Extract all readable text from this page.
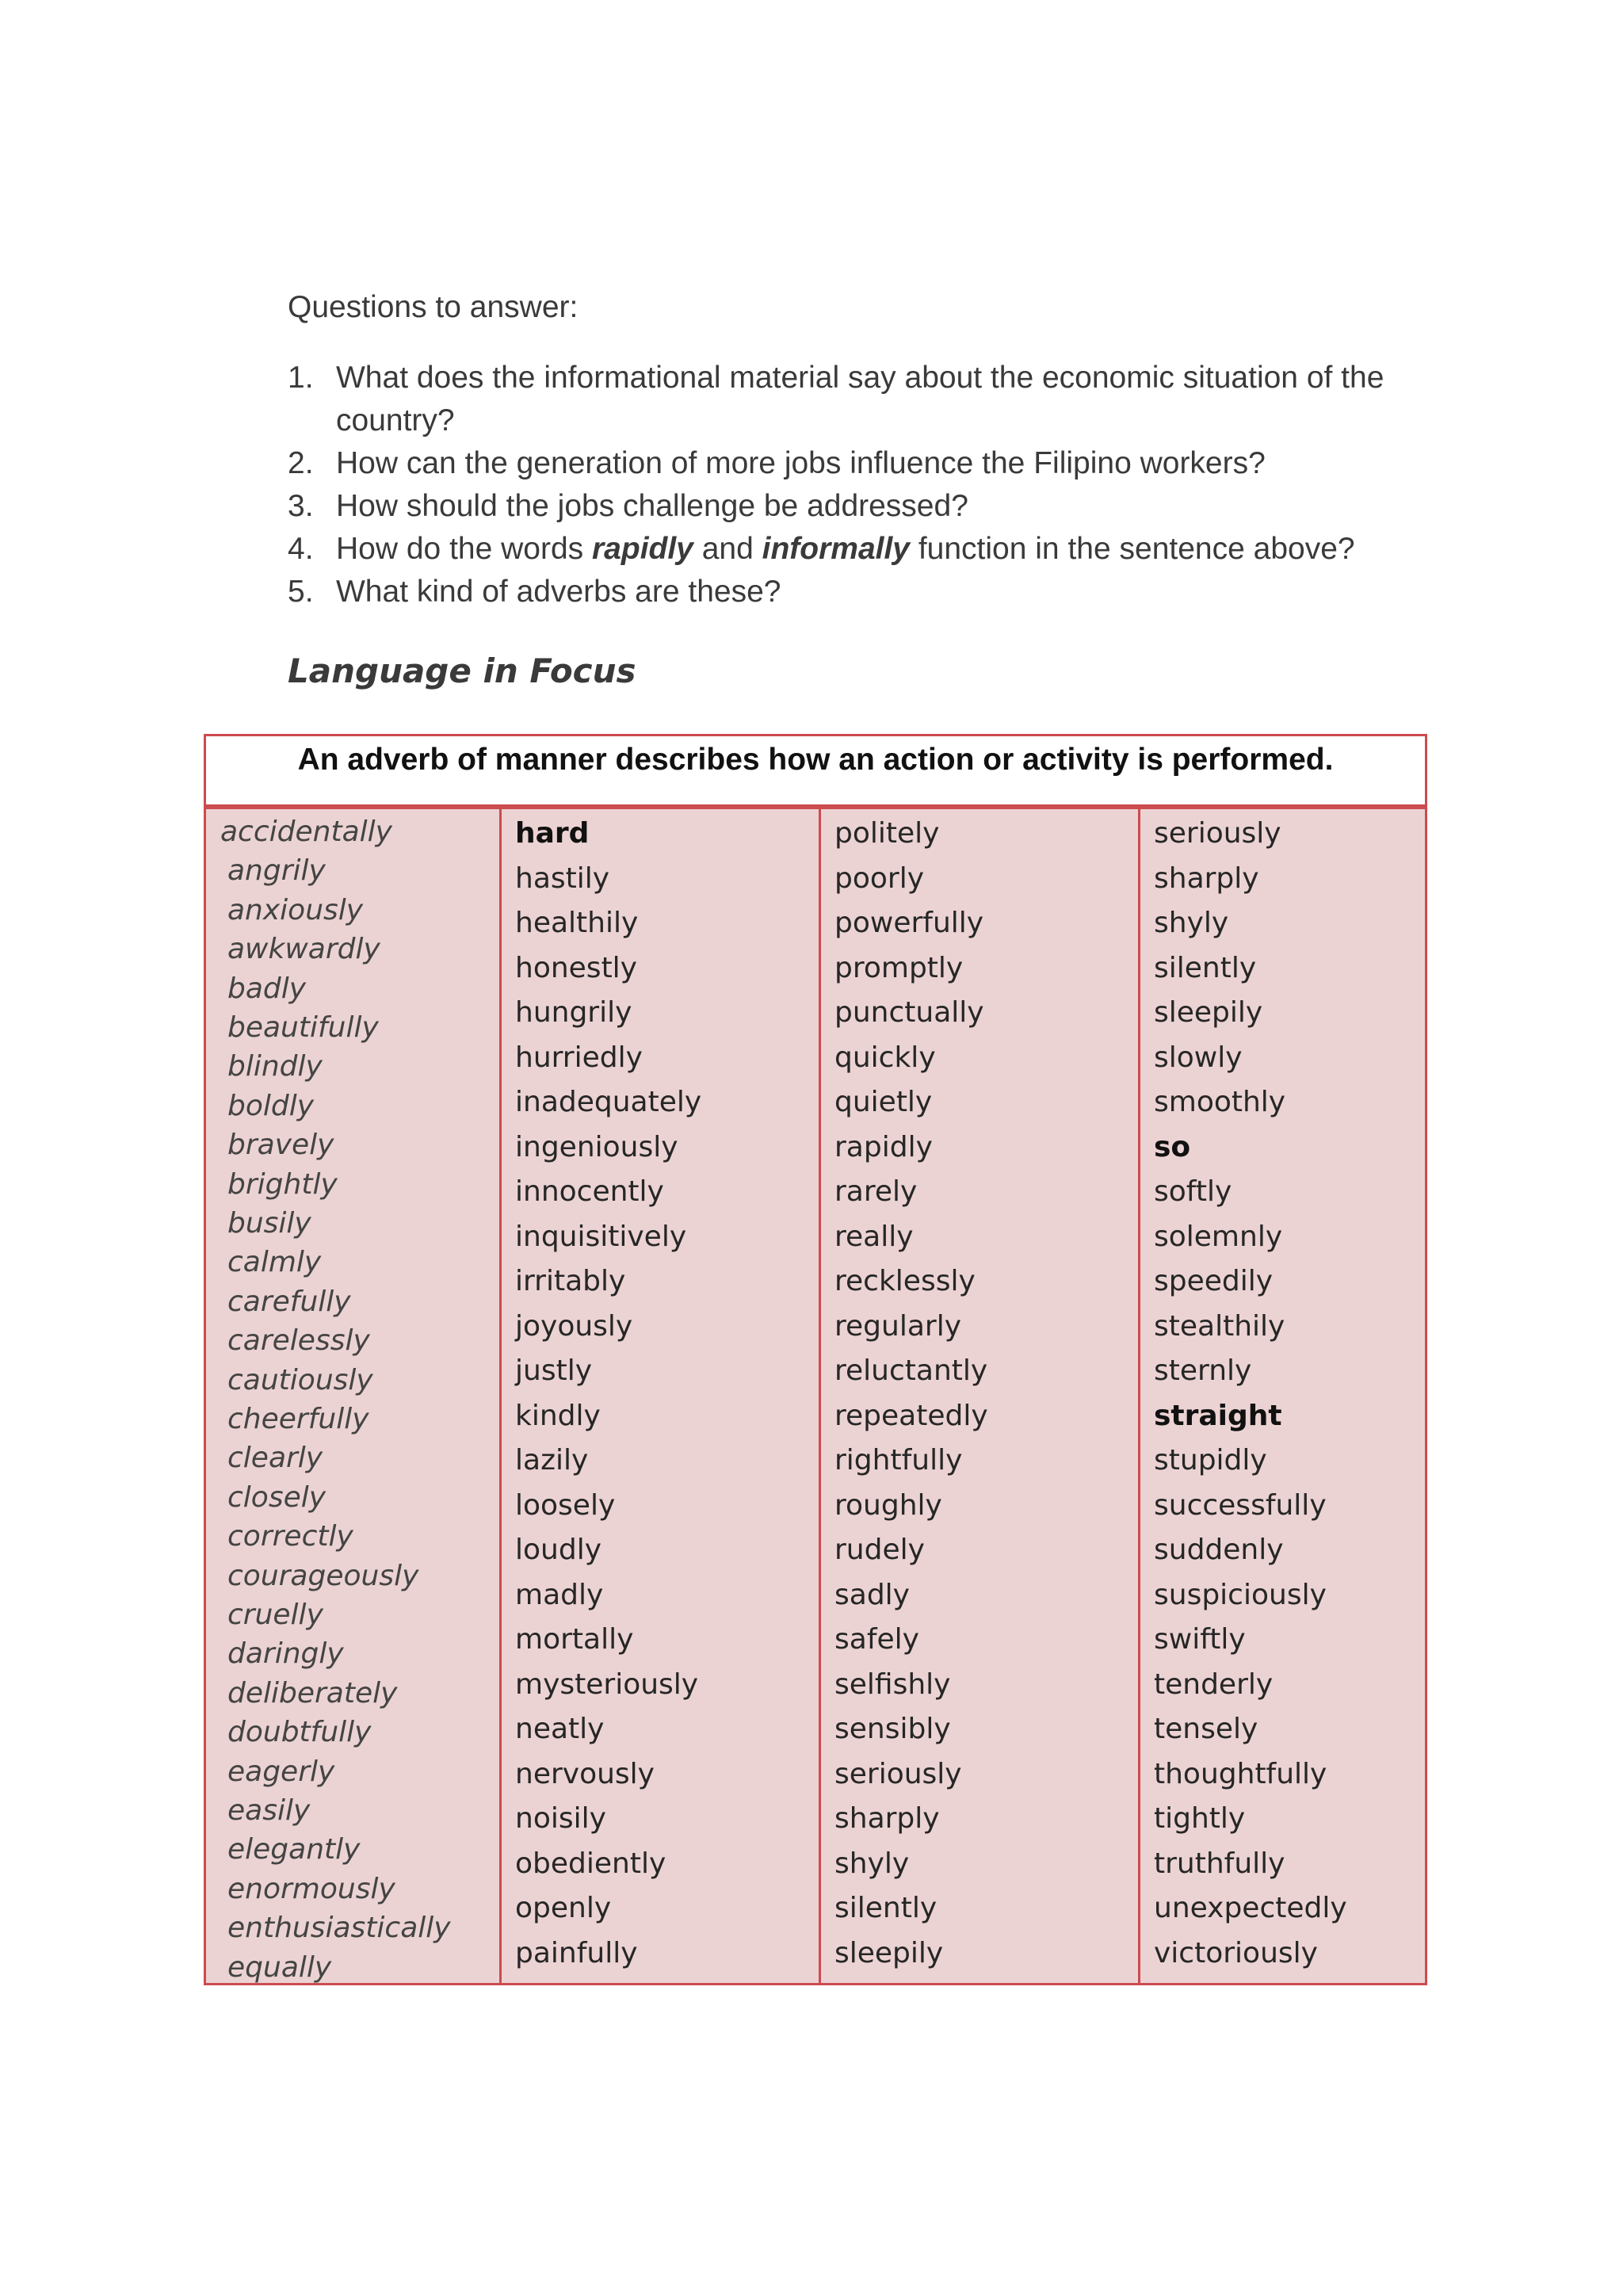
Questions to answer:
1. What does the informational material say about the economic situation of the country?
2. How can the generation of more jobs influence the Filipino workers?
3. How should the jobs challenge be addressed?
4. How do the words rapidly and informally function in the sentence above?
5. What kind of adverbs are these?
Language in Focus
An adverb of manner describes how an action or activity is performed.
accidentally
angrily
anxiously
awkwardly
badly
beautifully
blindly
boldly
bravely
brightly
busily
calmly
carefully
carelessly
cautiously
cheerfully
clearly
closely
correctly
courageously
cruelly
daringly
deliberately
doubtfully
eagerly
easily
elegantly
enormously
enthusiastically
equally
hard
hastily
healthily
honestly
hungrily
hurriedly
inadequately
ingeniously
innocently
inquisitively
irritably
joyously
justly
kindly
lazily
loosely
loudly
madly
mortally
mysteriously
neatly
nervously
noisily
obediently
openly
painfully
politely
poorly
powerfully
promptly
punctually
quickly
quietly
rapidly
rarely
really
recklessly
regularly
reluctantly
repeatedly
rightfully
roughly
rudely
sadly
safely
selfishly
sensibly
seriously
sharply
shyly
silently
sleepily
seriously
sharply
shyly
silently
sleepily
slowly
smoothly
so
softly
solemnly
speedily
stealthily
sternly
straight
stupidly
successfully
suddenly
suspiciously
swiftly
tenderly
tensely
thoughtfully
tightly
truthfully
unexpectedly
victoriously
